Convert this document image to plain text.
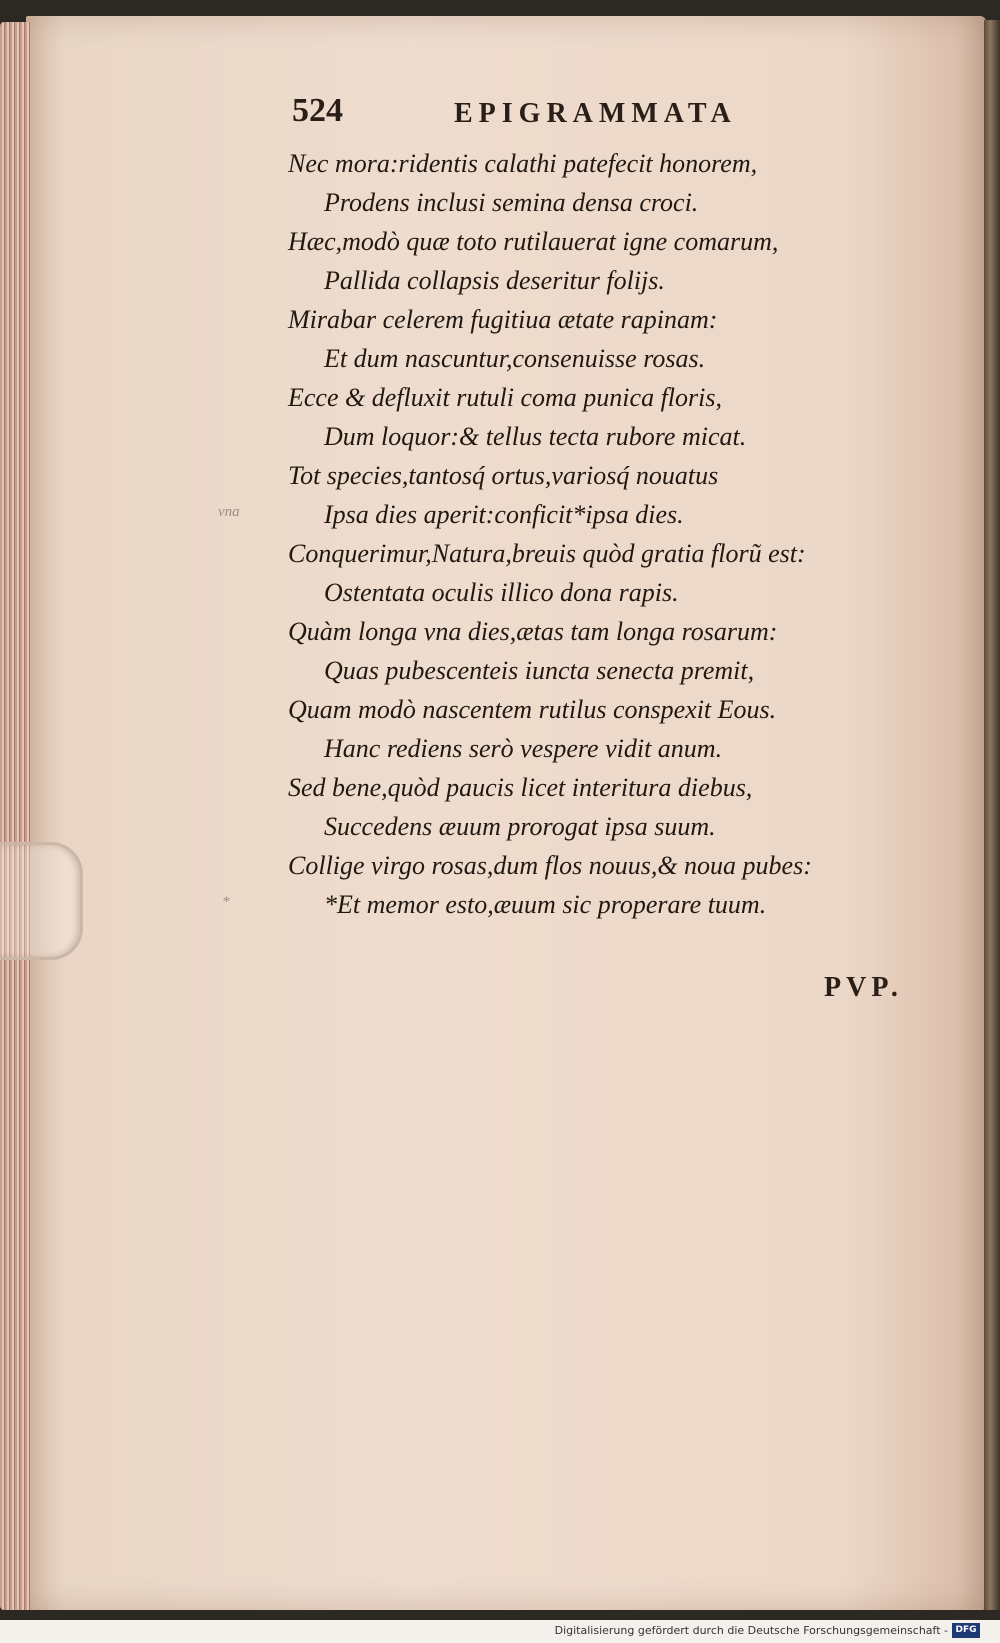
524	EPIGRAMMATA
vna
*
Nec mora:ridentis calathi patefecit honorem,
Prodens inclusi semina densa croci.
Hæc,modò quæ toto rutilauerat igne comarum,
Pallida collapsis deseritur folijs.
Mirabar celerem fugitiua ætate rapinam:
Et dum nascuntur,consenuisse rosas.
Ecce & defluxit rutuli coma punica floris,
Dum loquor:& tellus tecta rubore micat.
Tot species,tantosq́ ortus,variosq́ nouatus
Ipsa dies aperit:conficit*ipsa dies.
Conquerimur,Natura,breuis quòd gratia florũ est:
Ostentata oculis illico dona rapis.
Quàm longa vna dies,ætas tam longa rosarum:
Quas pubescenteis iuncta senecta premit,
Quam modò nascentem rutilus conspexit Eous.
Hanc rediens serò vespere vidit anum.
Sed bene,quòd paucis licet interitura diebus,
Succedens æuum prorogat ipsa suum.
Collige virgo rosas,dum flos nouus,& noua pubes:
*Et memor esto,æuum sic properare tuum.
PVP.
Digitalisierung gefördert durch die Deutsche Forschungsgemeinschaft - DFG
